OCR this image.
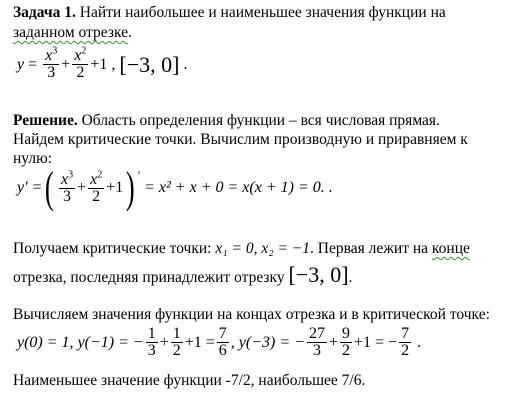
Задача 1. Найти наибольшее и наименьшее значения функции на
заданном отрезке.
$y = \frac{x^3}{3} + \frac{x^2}{2} +1$ , [−3, 0] .
Решение. Область определения функции – вся числовая прямая.
Найдем критические точки. Вычислим производную и приравняем к
нулю:
y' = ( $\frac{x^3}{3} + \frac{x^2}{2} +1$ ) '
= x² + x + 0 = x(x + 1) = 0. .
Получаем критические точки: x₁ = 0, x₂ = −1. Первая лежит на конце
отрезка, последняя принадлежит отрезку [−3, 0].
Вычисляем значения функции на концах отрезка и в критической точке:
y(0) = 1, y(−1) = − $\frac{1}{3} + \frac{1}{2} +1 = \frac{7}{6}$ , y(−3) = − $\frac{27}{3} + \frac{9}{2} +1$ = − $\frac{7}{2}$ .
Наименьшее значение функции -7/2, наибольшее 7/6.
